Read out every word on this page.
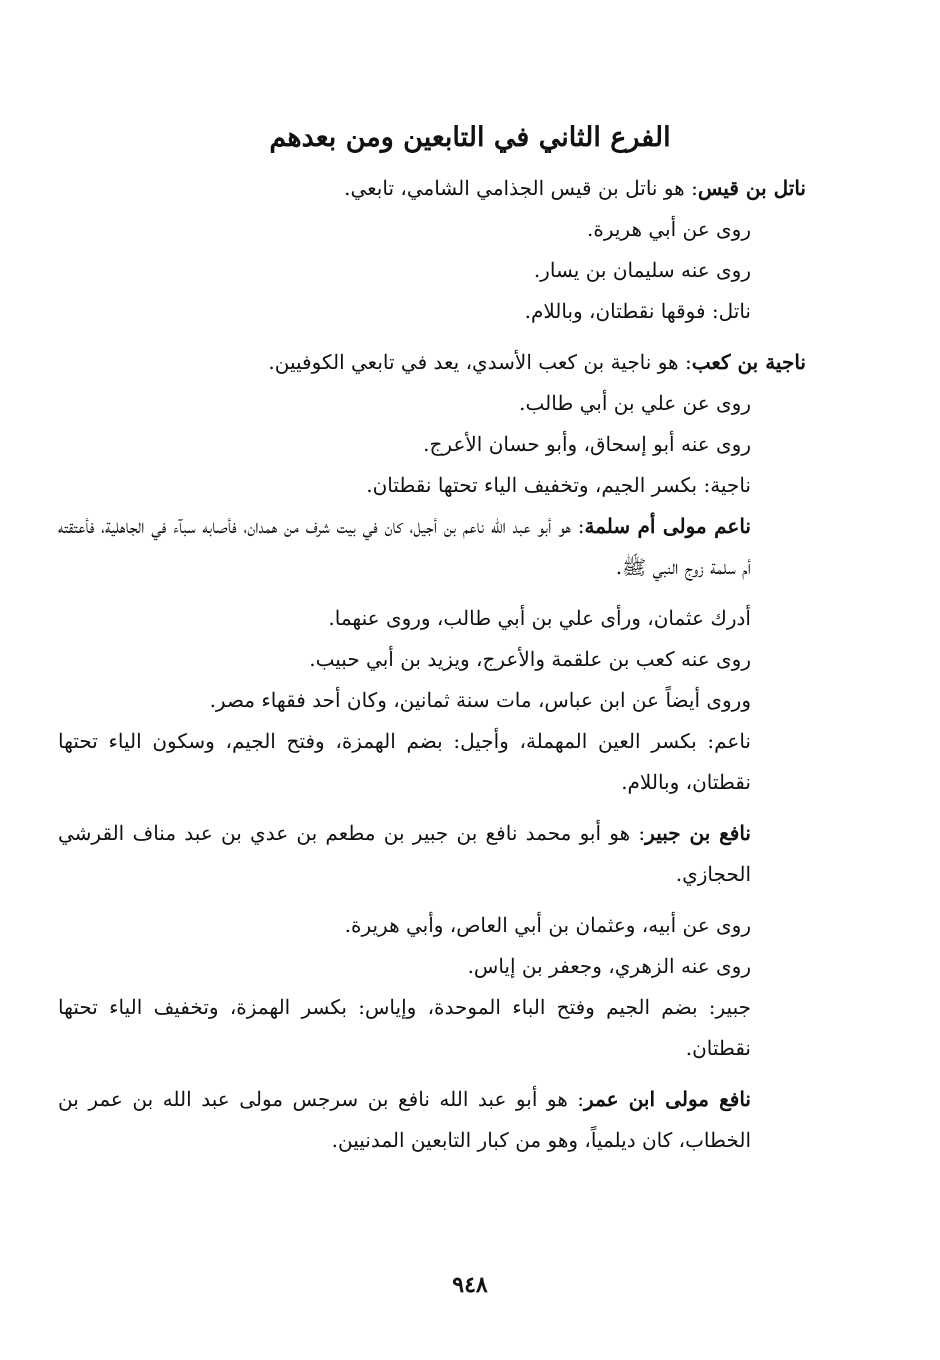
الفرع الثاني في التابعين ومن بعدهم

ناتل بن قيس: هو ناتل بن قيس الجذامي الشامي، تابعي.

روى عن أبي هريرة.

روى عنه سليمان بن يسار.

ناتل: فوقها نقطتان، وباللام.

ناجية بن كعب: هو ناجية بن كعب الأسدي، يعد في تابعي الكوفيين.

روى عن علي بن أبي طالب.

روى عنه أبو إسحاق، وأبو حسان الأعرج.

ناجية: بكسر الجيم، وتخفيف الياء تحتها نقطتان.

ناعم مولى أم سلمة: هو أبو عبد الله ناعم بن أجيل، كان في بيت شرف من همدان، فأصابه سبآء في الجاهلية، فأعتقته أم سلمة زوج النبي ﷺ.

أدرك عثمان، ورأى علي بن أبي طالب، وروى عنهما.

روى عنه كعب بن علقمة والأعرج، ويزيد بن أبي حبيب.

وروى أيضاً عن ابن عباس، مات سنة ثمانين، وكان أحد فقهاء مصر.

ناعم: بكسر العين المهملة، وأجيل: بضم الهمزة، وفتح الجيم، وسكون الياء تحتها نقطتان، وباللام.

نافع بن جبير: هو أبو محمد نافع بن جبير بن مطعم بن عدي بن عبد مناف القرشي الحجازي.

روى عن أبيه، وعثمان بن أبي العاص، وأبي هريرة.

روى عنه الزهري، وجعفر بن إياس.

جبير: بضم الجيم وفتح الباء الموحدة، وإياس: بكسر الهمزة، وتخفيف الياء تحتها نقطتان.

نافع مولى ابن عمر: هو أبو عبد الله نافع بن سرجس مولى عبد الله بن عمر بن الخطاب، كان ديلمياً، وهو من كبار التابعين المدنيين.

٩٤٨
